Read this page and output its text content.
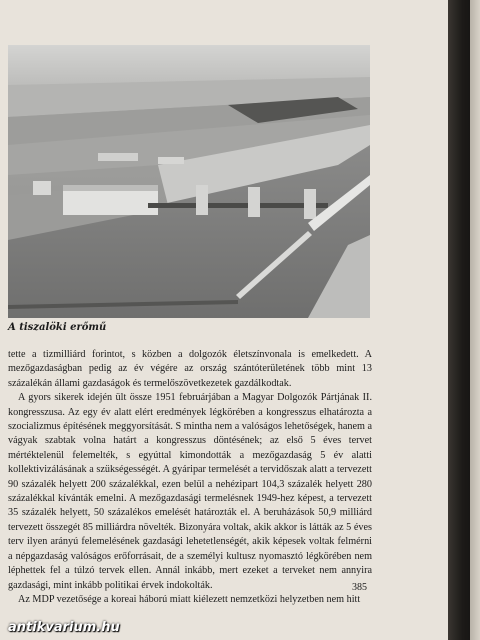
A tiszalöki erőmű

tette a tizmilliárd forintot, s közben a dolgozók életszínvonala is emelkedett. A mezőgazdaságban pedig az év végére az ország szántóterületének több mint 13 százalékán állami gazdaságok és termelőszövetkezetek gazdálkodtak.

A gyors sikerek idején ült össze 1951 februárjában a Magyar Dolgozók Pártjának II. kongresszusa. Az egy év alatt elért eredmények légkörében a kongresszus elhatározta a szocializmus építésének meggyorsítását. S mintha nem a valóságos lehetőségek, hanem a vágyak szabtak volna határt a kongresszus döntésének; az első 5 éves tervet mértéktelenül felemelték, s egyúttal kimondották a mezőgazdaság 5 év alatti kollektivizálásának a szükségességét. A gyáripar termelését a tervidőszak alatt a tervezett 90 százalék helyett 200 százalékkal, ezen belül a nehézipart 104,3 százalék helyett 280 százalékkal kívánták emelni. A mezőgazdasági termelésnek 1949-hez képest, a tervezett 35 százalék helyett, 50 százalékos emelését határozták el. A beruházások 50,9 milliárd tervezett összegét 85 milliárdra növelték. Bizonyára voltak, akik akkor is látták az 5 éves terv ilyen arányú felemelésének gazdasági lehetetlenségét, akik képesek voltak felmérni a népgazdaság valóságos erőforrásait, de a személyi kultusz nyomasztó légkörében nem léphettek fel a túlzó tervek ellen. Annál inkább, mert ezeket a terveket nem annyira gazdasági, mint inkább politikai érvek indokolták.

Az MDP vezetősége a koreai háború miatt kiélezett nemzetközi helyzetben nem hitt

385
antikvarium.hu
